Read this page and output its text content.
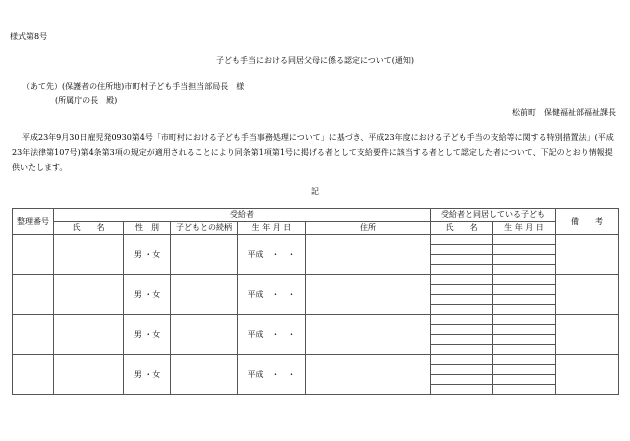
様式第8号
子ども手当における同居父母に係る認定について(通知)
（あて先）(保護者の住所地)市町村子ども手当担当部局長　様
(所属庁の長　殿)
松前町　保健福祉部福祉課長
平成23年9月30日雇児発0930第4号「市町村における子ども手当事務処理について」に基づき、平成23年度における子ども手当の支給等に関する特別措置法」(平成23年法律第107号)第4条第3項の規定が適用されることにより同条第1項第1号に掲げる者として支給要件に該当する者として認定した者について、下記のとおり情報提供いたします。
記
整理番号	受給者					受給者と同居している子ども		備　　考
	氏　　名	性　別	子どもとの続柄	生 年 月 日	住所	氏　　名	生 年 月 日	
		男 ・女		平成　・　・				

		男 ・女		平成　・　・				

		男 ・女		平成　・　・				

		男 ・女		平成　・　・				
